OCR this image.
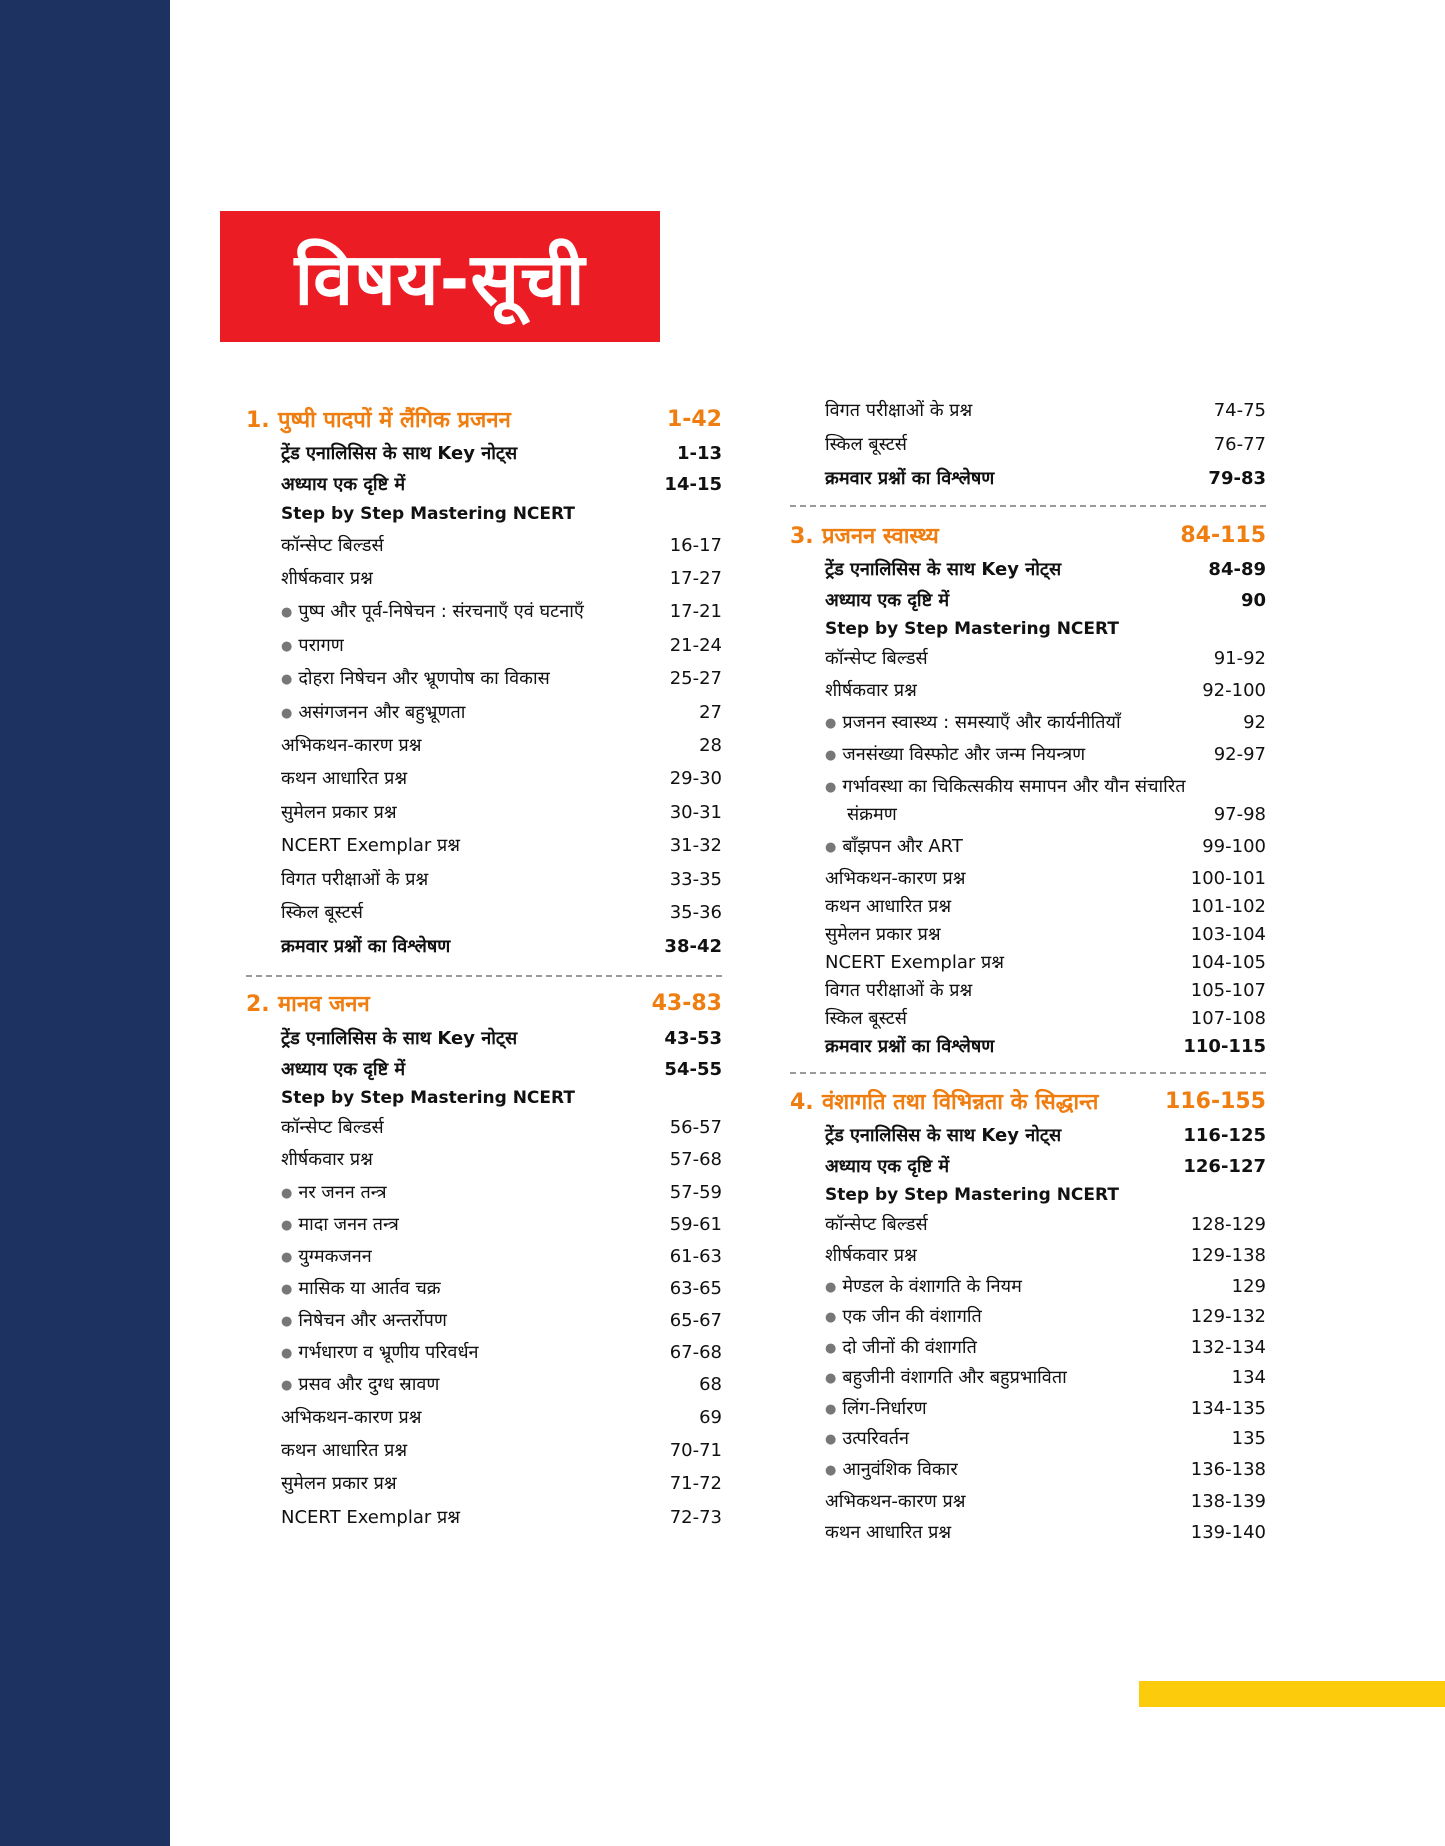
विषय-सूची
1. पुष्पी पादपों में लैंगिक प्रजनन	1-42
ट्रेंड एनालिसिस के साथ Key नोट्स	1-13
अध्याय एक दृष्टि में	14-15
Step by Step Mastering NCERT
कॉन्सेप्ट बिल्डर्स	16-17
शीर्षकवार प्रश्न	17-27
● पुष्प और पूर्व-निषेचन : संरचनाएँ एवं घटनाएँ	17-21
● परागण	21-24
● दोहरा निषेचन और भ्रूणपोष का विकास	25-27
● असंगजनन और बहुभ्रूणता	27
अभिकथन-कारण प्रश्न	28
कथन आधारित प्रश्न	29-30
सुमेलन प्रकार प्रश्न	30-31
NCERT Exemplar प्रश्न	31-32
विगत परीक्षाओं के प्रश्न	33-35
स्किल बूस्टर्स	35-36
क्रमवार प्रश्नों का विश्लेषण	38-42
2. मानव जनन	43-83
ट्रेंड एनालिसिस के साथ Key नोट्स	43-53
अध्याय एक दृष्टि में	54-55
Step by Step Mastering NCERT
कॉन्सेप्ट बिल्डर्स	56-57
शीर्षकवार प्रश्न	57-68
● नर जनन तन्त्र	57-59
● मादा जनन तन्त्र	59-61
● युग्मकजनन	61-63
● मासिक या आर्तव चक्र	63-65
● निषेचन और अन्तर्रोपण	65-67
● गर्भधारण व भ्रूणीय परिवर्धन	67-68
● प्रसव और दुग्ध स्रावण	68
अभिकथन-कारण प्रश्न	69
कथन आधारित प्रश्न	70-71
सुमेलन प्रकार प्रश्न	71-72
NCERT Exemplar प्रश्न	72-73
विगत परीक्षाओं के प्रश्न	74-75
स्किल बूस्टर्स	76-77
क्रमवार प्रश्नों का विश्लेषण	79-83
3. प्रजनन स्वास्थ्य	84-115
ट्रेंड एनालिसिस के साथ Key नोट्स	84-89
अध्याय एक दृष्टि में	90
Step by Step Mastering NCERT
कॉन्सेप्ट बिल्डर्स	91-92
शीर्षकवार प्रश्न	92-100
● प्रजनन स्वास्थ्य : समस्याएँ और कार्यनीतियाँ	92
● जनसंख्या विस्फोट और जन्म नियन्त्रण	92-97
● गर्भावस्था का चिकित्सकीय समापन और यौन संचारित
संक्रमण	97-98
● बाँझपन और ART	99-100
अभिकथन-कारण प्रश्न	100-101
कथन आधारित प्रश्न	101-102
सुमेलन प्रकार प्रश्न	103-104
NCERT Exemplar प्रश्न	104-105
विगत परीक्षाओं के प्रश्न	105-107
स्किल बूस्टर्स	107-108
क्रमवार प्रश्नों का विश्लेषण	110-115
4. वंशागति तथा विभिन्नता के सिद्धान्त	116-155
ट्रेंड एनालिसिस के साथ Key नोट्स	116-125
अध्याय एक दृष्टि में	126-127
Step by Step Mastering NCERT
कॉन्सेप्ट बिल्डर्स	128-129
शीर्षकवार प्रश्न	129-138
● मेण्डल के वंशागति के नियम	129
● एक जीन की वंशागति	129-132
● दो जीनों की वंशागति	132-134
● बहुजीनी वंशागति और बहुप्रभाविता	134
● लिंग-निर्धारण	134-135
● उत्परिवर्तन	135
● आनुवंशिक विकार	136-138
अभिकथन-कारण प्रश्न	138-139
कथन आधारित प्रश्न	139-140
